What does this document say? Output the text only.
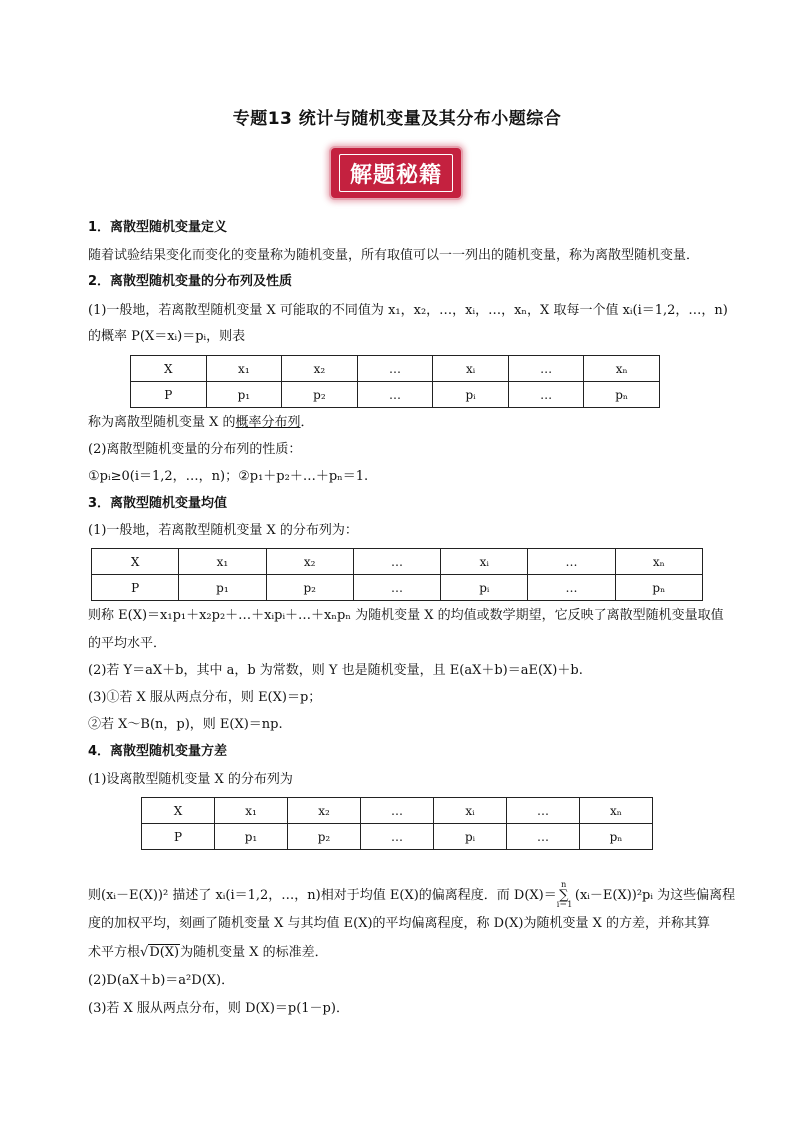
专题13 统计与随机变量及其分布小题综合
解题秘籍
1．离散型随机变量定义
随着试验结果变化而变化的变量称为随机变量，所有取值可以一一列出的随机变量，称为离散型随机变量．
2．离散型随机变量的分布列及性质
(1)一般地，若离散型随机变量 X 可能取的不同值为 x₁，x₂，…，xᵢ，…，xₙ，X 取每一个值 xᵢ(i＝1,2，…，n)
的概率 P(X＝xᵢ)＝pᵢ，则表
X	x₁	x₂	…	xᵢ	…	xₙ
P	p₁	p₂	…	pᵢ	…	pₙ
称为离散型随机变量 X 的概率分布列．
(2)离散型随机变量的分布列的性质：
①pᵢ≥0(i＝1,2，…，n)；②p₁＋p₂＋…＋pₙ＝1.
3．离散型随机变量均值
(1)一般地，若离散型随机变量 X 的分布列为：
X	x₁	x₂	…	xᵢ	…	xₙ
P	p₁	p₂	…	pᵢ	…	pₙ
则称 E(X)＝x₁p₁＋x₂p₂＋…＋xᵢpᵢ＋…＋xₙpₙ 为随机变量 X 的均值或数学期望，它反映了离散型随机变量取值
的平均水平．
(2)若 Y＝aX＋b，其中 a，b 为常数，则 Y 也是随机变量，且 E(aX＋b)＝aE(X)＋b.
(3)①若 X 服从两点分布，则 E(X)＝p；
②若 X～B(n，p)，则 E(X)＝np.
4．离散型随机变量方差
(1)设离散型随机变量 X 的分布列为
X	x₁	x₂	…	xᵢ	…	xₙ
P	p₁	p₂	…	pᵢ	…	pₙ
则(xᵢ－E(X))² 描述了 xᵢ(i＝1,2，…，n)相对于均值 E(X)的偏离程度．而 D(X)＝
n
∑
i＝1
(xᵢ－E(X))²pᵢ 为这些偏离程
度的加权平均，刻画了随机变量 X 与其均值 E(X)的平均偏离程度，称 D(X)为随机变量 X 的方差，并称其算
术平方根√D(X)为随机变量 X 的标准差．
(2)D(aX＋b)＝a²D(X)．
(3)若 X 服从两点分布，则 D(X)＝p(1－p)．
